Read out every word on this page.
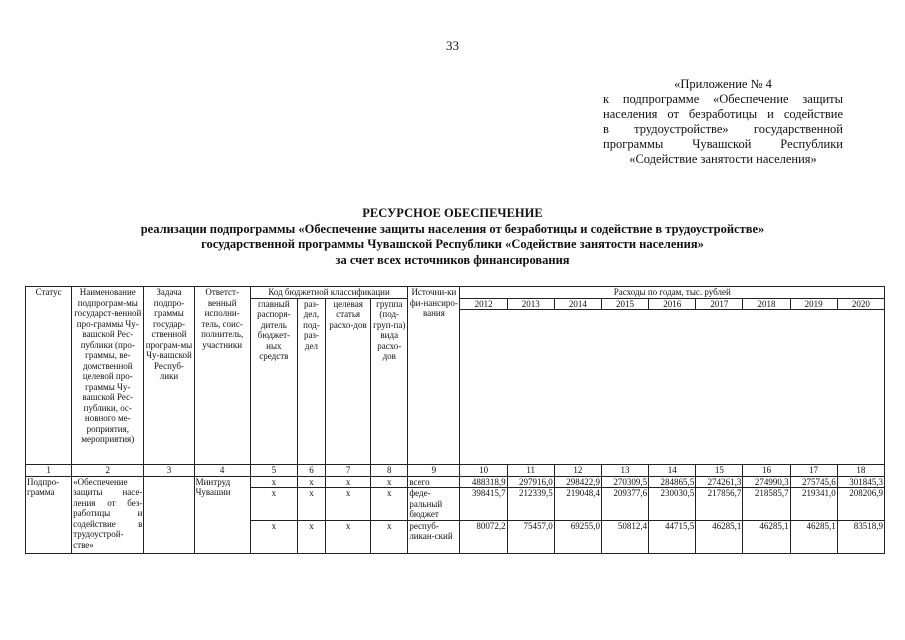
33
«Приложение № 4
к подпрограмме «Обеспечение защиты
населения от безработицы и содействие
в трудоустройстве» государственной
программы Чувашской Республики
«Содействие занятости населения»
РЕСУРСНОЕ ОБЕСПЕЧЕНИЕ
реализации подпрограммы «Обеспечение защиты населения от безработицы и содействие в трудоустройстве»
государственной программы Чувашской Республики «Содействие занятости населения»
за счет всех источников финансирования
Статус	Наименование подпрограм-мы государст-венной про-граммы Чу-вашской Рес-публики (про-граммы, ве-домственной целевой про-граммы Чу-вашской Рес-публики, ос-новного ме-роприятия, мероприятия)	Задача подпро-граммы государ-ственной програм-мы Чу-вашской Респуб-лики	Ответст-венный исполни-тель, соис-полнитель, участники	Код бюджетной классификации				Источни-ки фи-нансиро-вания	Расходы по годам, тыс. рублей								
				главный распоря-дитель бюджет-ных средств	раз-дел, под-раз-дел	целевая статья расхо-дов	группа (под-груп-па) вида расхо-дов		2012	2013	2014	2015	2016	2017	2018	2019	2020

1	2	3	4	5	6	7	8	9	10	11	12	13	14	15	16	17	18
Подпро-грамма	«Обеспечение защиты насе-ления от без-работицы и содействие в трудоустрой-стве»		Минтруд Чувашии	x	x	x	x	всего	488318,9	297916,0	298422,9	270309,5	284865,5	274261,3	274990,3	275745,6	301845,3
				x	x	x	x	феде-ральный бюджет	398415,7	212339,5	219048,4	209377,6	230030,5	217856,7	218585,7	219341,0	208206,9
				x	x	x	x	респуб-ликан-ский	80072,2	75457,0	69255,0	50812,4	44715,5	46285,1	46285,1	46285,1	83518,9
